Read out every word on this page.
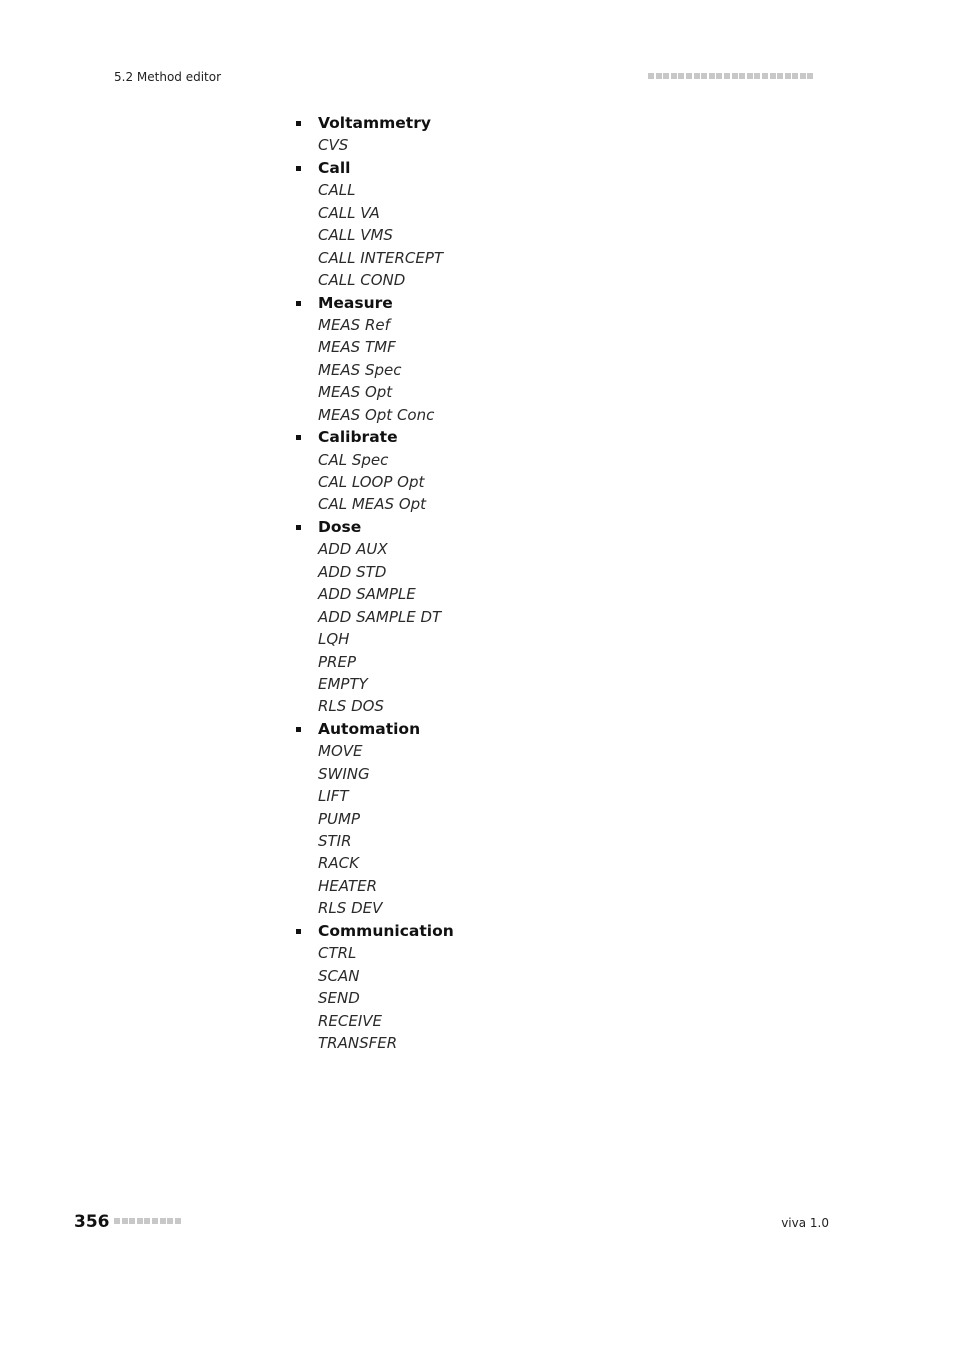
5.2 Method editor
Voltammetry
CVS
Call
CALL
CALL VA
CALL VMS
CALL INTERCEPT
CALL COND
Measure
MEAS Ref
MEAS TMF
MEAS Spec
MEAS Opt
MEAS Opt Conc
Calibrate
CAL Spec
CAL LOOP Opt
CAL MEAS Opt
Dose
ADD AUX
ADD STD
ADD SAMPLE
ADD SAMPLE DT
LQH
PREP
EMPTY
RLS DOS
Automation
MOVE
SWING
LIFT
PUMP
STIR
RACK
HEATER
RLS DEV
Communication
CTRL
SCAN
SEND
RECEIVE
TRANSFER
356	viva 1.0
